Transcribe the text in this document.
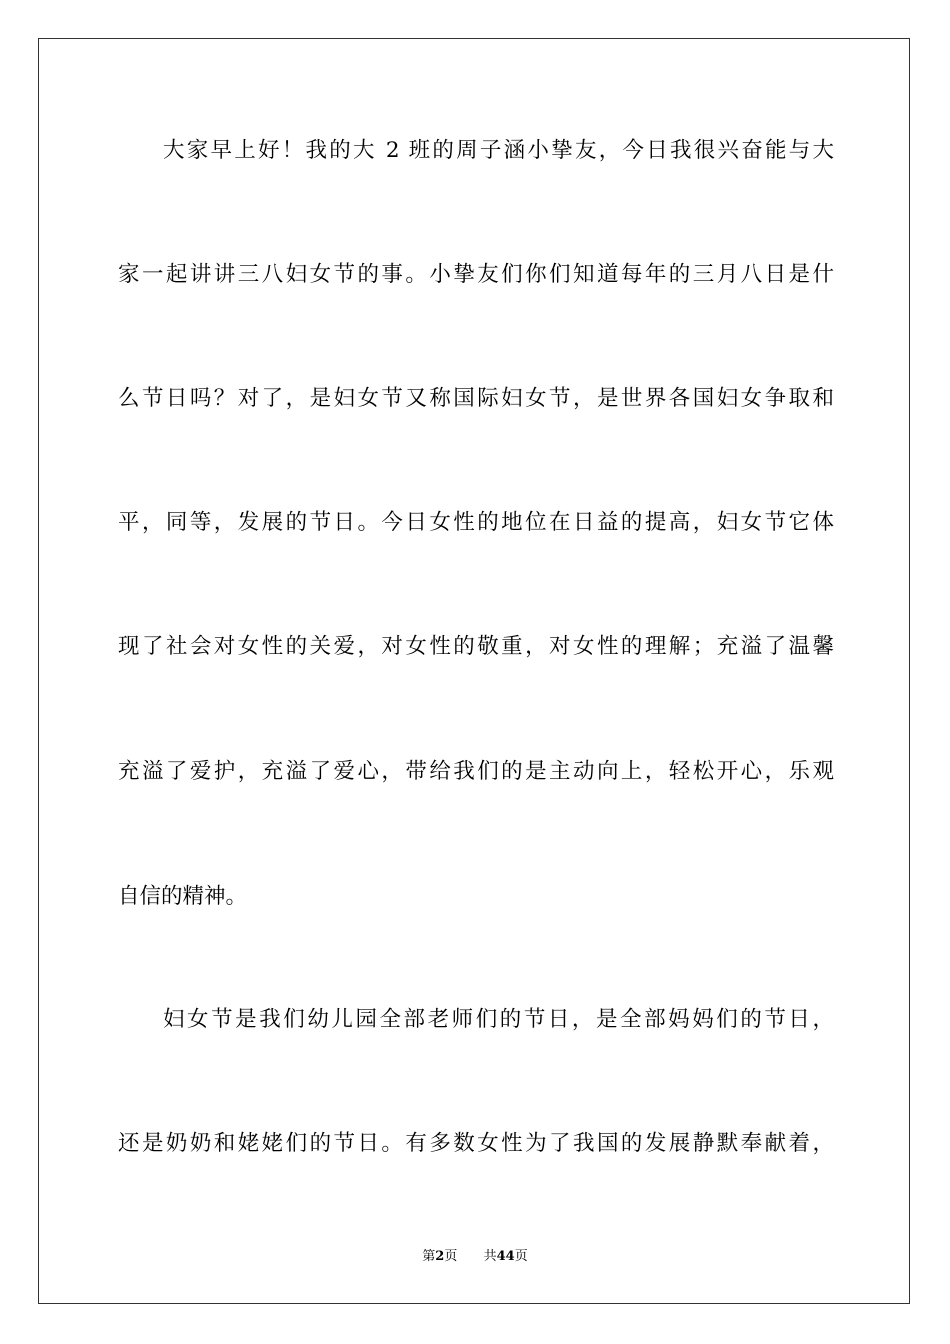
大家早上好！我的大 2 班的周子涵小挚友，今日我很兴奋能与大
家一起讲讲三八妇女节的事。小挚友们你们知道每年的三月八日是什
么节日吗？对了，是妇女节又称国际妇女节，是世界各国妇女争取和
平，同等，发展的节日。今日女性的地位在日益的提高，妇女节它体
现了社会对女性的关爱，对女性的敬重，对女性的理解；充溢了温馨
充溢了爱护，充溢了爱心，带给我们的是主动向上，轻松开心，乐观
自信的精神。
妇女节是我们幼儿园全部老师们的节日，是全部妈妈们的节日，
还是奶奶和姥姥们的节日。有多数女性为了我国的发展静默奉献着，
第2页 共44页
